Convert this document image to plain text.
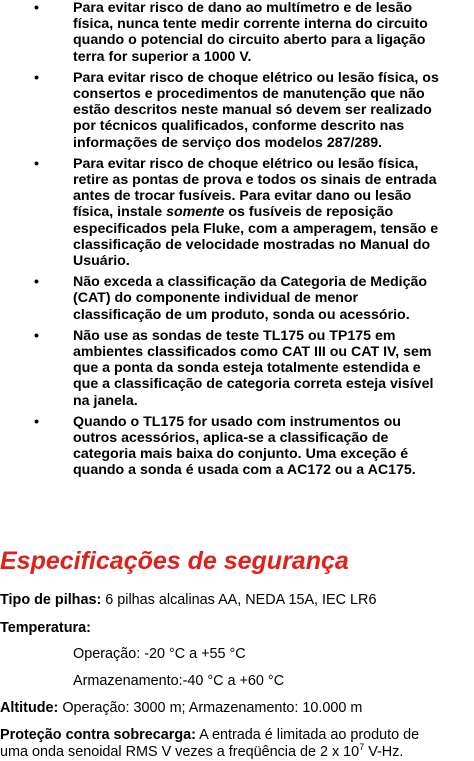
• Para evitar risco de dano ao multímetro e de lesão física, nunca tente medir corrente interna do circuito quando o potencial do circuito aberto para a ligação terra for superior a 1000 V.
• Para evitar risco de choque elétrico ou lesão física, os consertos e procedimentos de manutenção que não estão descritos neste manual só devem ser realizado por técnicos qualificados, conforme descrito nas informações de serviço dos modelos 287/289.
• Para evitar risco de choque elétrico ou lesão física, retire as pontas de prova e todos os sinais de entrada antes de trocar fusíveis. Para evitar dano ou lesão física, instale somente os fusíveis de reposição especificados pela Fluke, com a amperagem, tensão e classificação de velocidade mostradas no Manual do Usuário.
• Não exceda a classificação da Categoria de Medição (CAT) do componente individual de menor classificação de um produto, sonda ou acessório.
• Não use as sondas de teste TL175 ou TP175 em ambientes classificados como CAT III ou CAT IV, sem que a ponta da sonda esteja totalmente estendida e que a classificação de categoria correta esteja visível na janela.
• Quando o TL175 for usado com instrumentos ou outros acessórios, aplica-se a classificação de categoria mais baixa do conjunto. Uma exceção é quando a sonda é usada com a AC172 ou a AC175.
Especificações de segurança
Tipo de pilhas: 6 pilhas alcalinas AA, NEDA 15A, IEC LR6
Temperatura:
Operação: -20 °C a +55 °C
Armazenamento:-40 °C a +60 °C
Altitude: Operação: 3000 m; Armazenamento: 10.000 m
Proteção contra sobrecarga: A entrada é limitada ao produto de
uma onda senoidal RMS V vezes a freqüência de 2 x $10^7$ V-Hz.
